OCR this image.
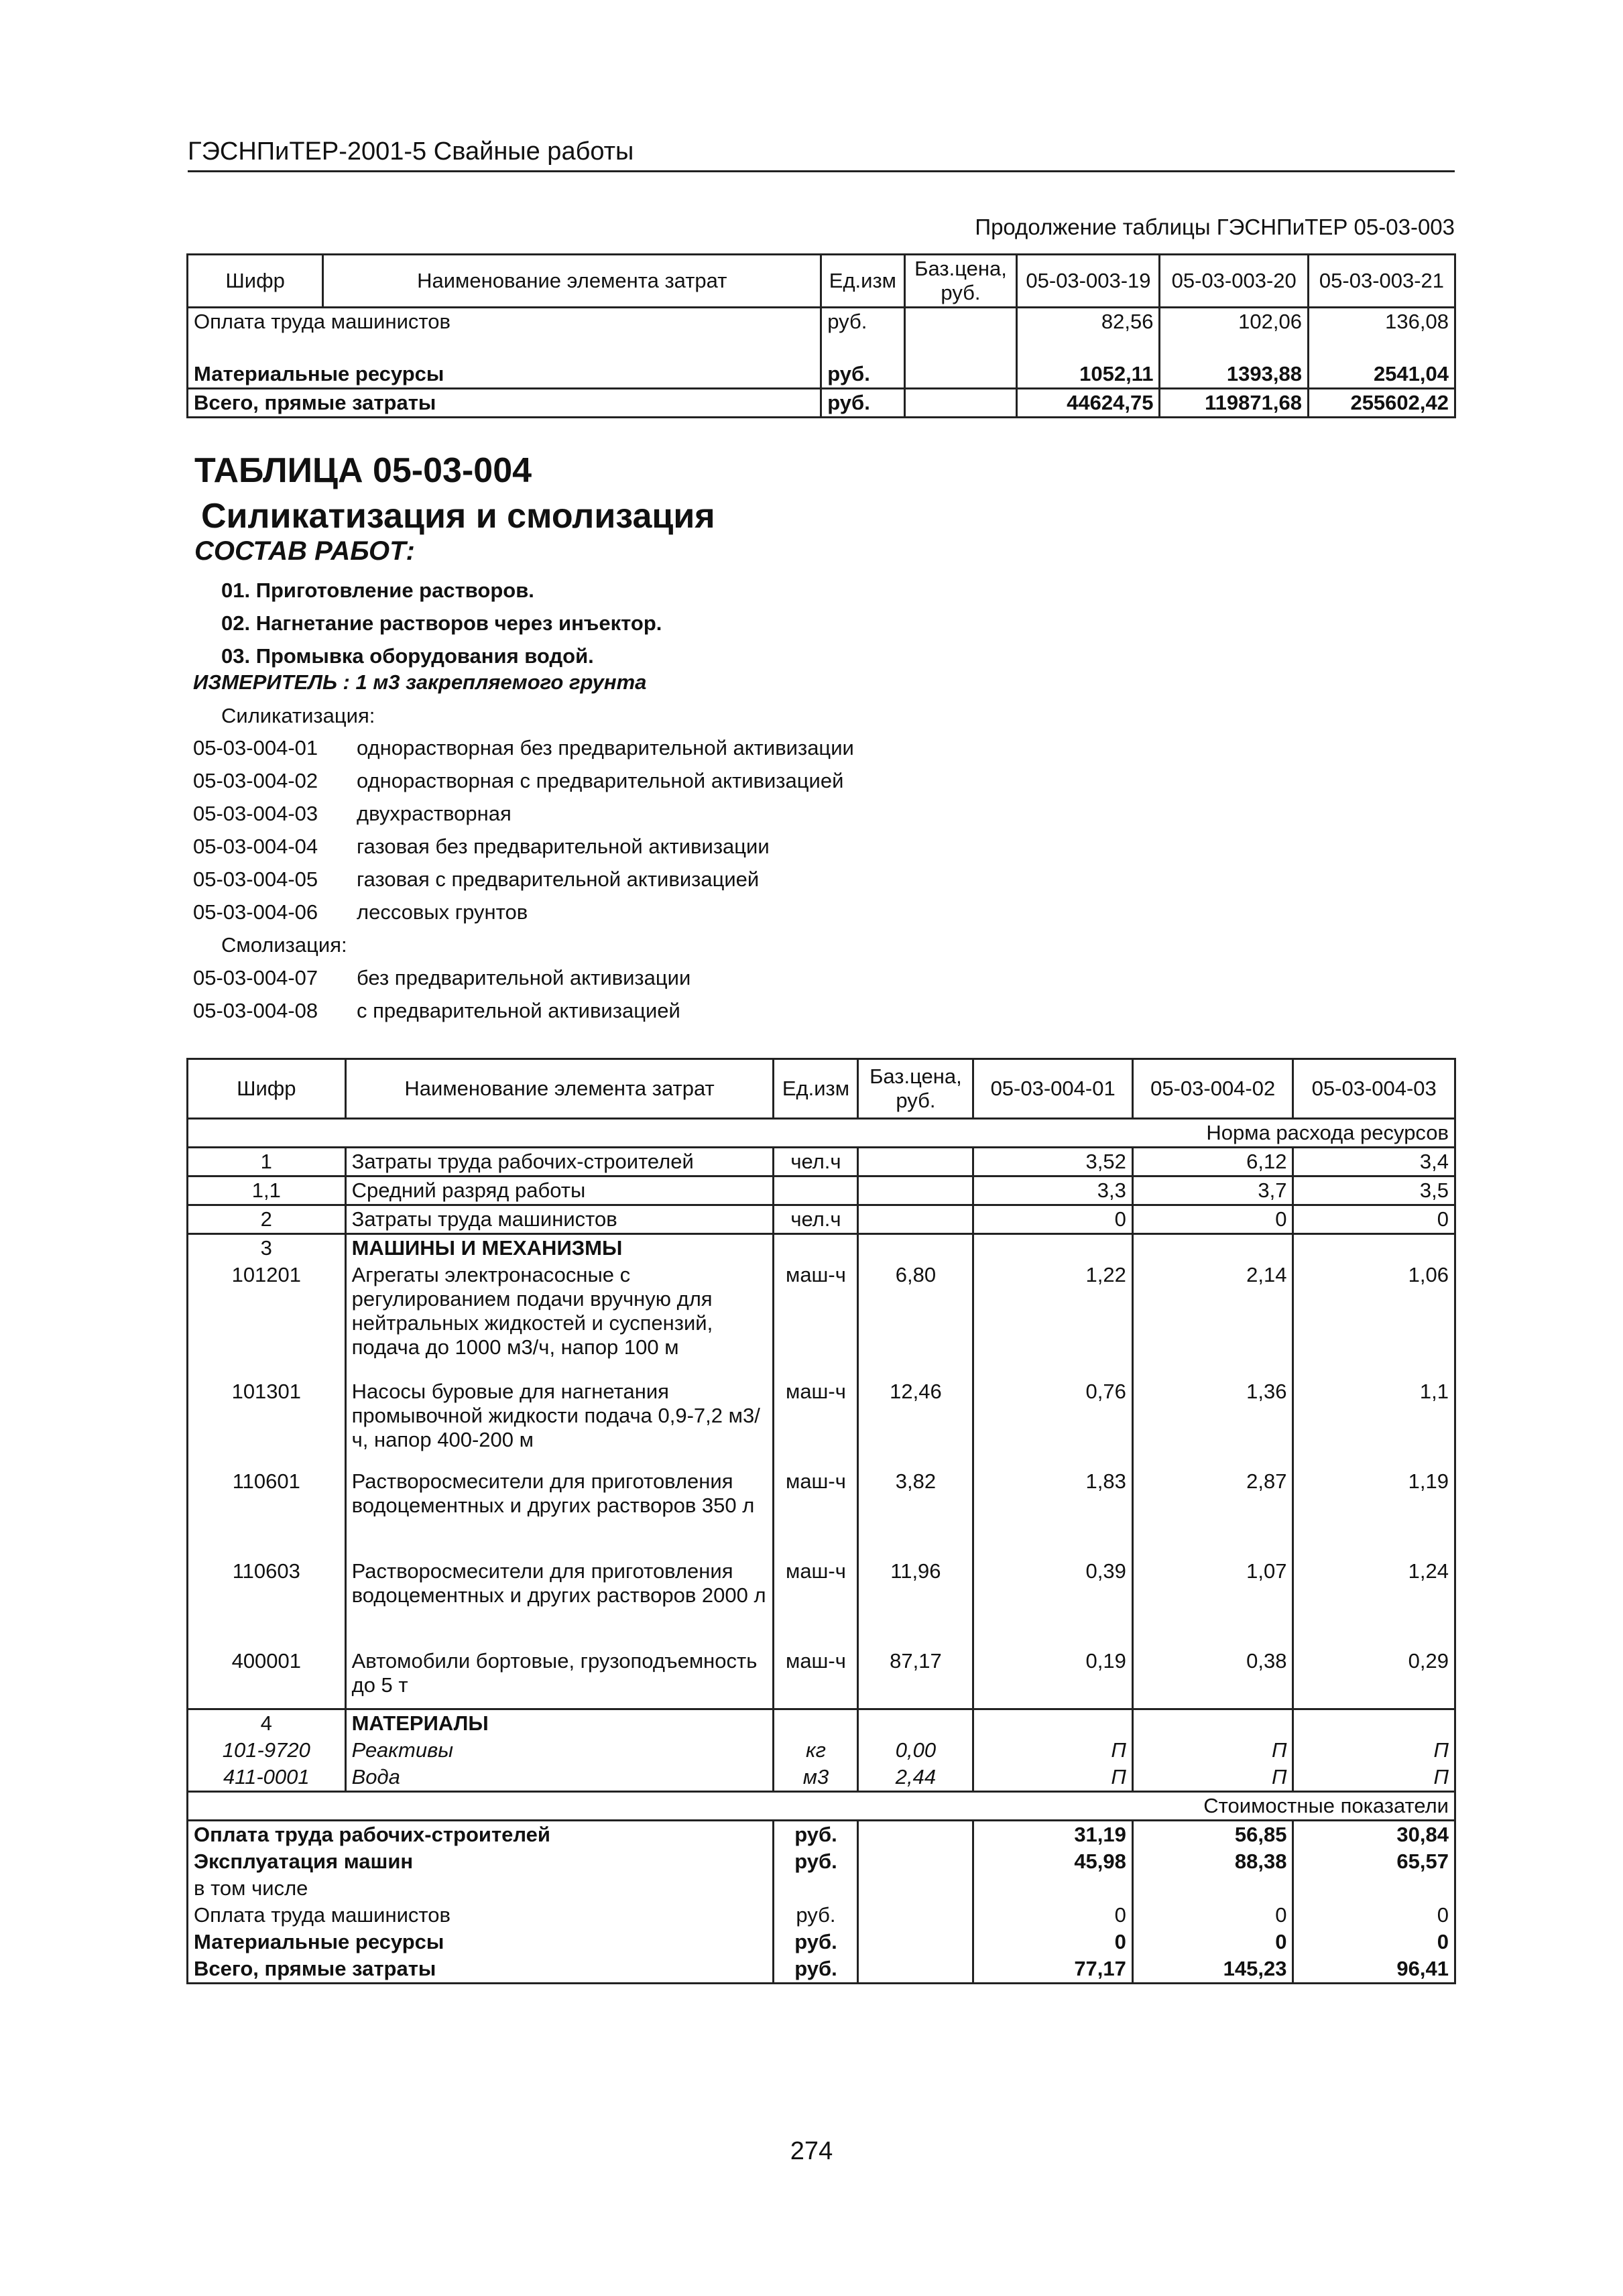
ГЭСНПиТЕР-2001-5 Свайные работы
Продолжение таблицы ГЭСНПиТЕР 05-03-003
Шифр	Наименование элемента затрат	Ед.изм	Баз.цена, руб.	05-03-003-19	05-03-003-20	05-03-003-21
Оплата труда машинистов		руб.		82,56	102,06	136,08
Материальные ресурсы		руб.		1052,11	1393,88	2541,04
Всего, прямые затраты		руб.		44624,75	119871,68	255602,42
ТАБЛИЦА 05-03-004
Силикатизация и смолизация
СОСТАВ РАБОТ:
01. Приготовление растворов.
02. Нагнетание растворов через инъектор.
03. Промывка оборудования водой.
ИЗМЕРИТЕЛЬ : 1 м3 закрепляемого грунта
Силикатизация:
05-03-004-01 однорастворная без предварительной активизации
05-03-004-02 однорастворная с предварительной активизацией
05-03-004-03 двухрастворная
05-03-004-04 газовая без предварительной активизации
05-03-004-05 газовая с предварительной активизацией
05-03-004-06 лессовых грунтов
Смолизация:
05-03-004-07 без предварительной активизации
05-03-004-08 с предварительной активизацией
Шифр	Наименование элемента затрат	Ед.изм	Баз.цена, руб.	05-03-004-01	05-03-004-02	05-03-004-03
Норма расхода ресурсов						
1	Затраты труда рабочих-строителей	чел.ч		3,52	6,12	3,4
1,1	Средний разряд работы			3,3	3,7	3,5
2	Затраты труда машинистов	чел.ч		0	0	0
3	МАШИНЫ И МЕХАНИЗМЫ					
101201	Агрегаты электронасосные с регулированием подачи вручную для нейтральных жидкостей и суспензий, подача до 1000 м3/ч, напор 100 м	маш-ч	6,80	1,22	2,14	1,06
101301	Насосы буровые для нагнетания промывочной жидкости подача 0,9-7,2 м3/ч, напор 400-200 м	маш-ч	12,46	0,76	1,36	1,1
110601	Растворосмесители для приготовления водоцементных и других растворов 350 л	маш-ч	3,82	1,83	2,87	1,19
110603	Растворосмесители для приготовления водоцементных и других растворов 2000 л	маш-ч	11,96	0,39	1,07	1,24
400001	Автомобили бортовые, грузоподъемность до 5 т	маш-ч	87,17	0,19	0,38	0,29
4	МАТЕРИАЛЫ					
101-9720	Реактивы	кг	0,00	П	П	П
411-0001	Вода	м3	2,44	П	П	П
Стоимостные показатели						
Оплата труда рабочих-строителей		руб.		31,19	56,85	30,84
Эксплуатация машин		руб.		45,98	88,38	65,57
в том числе						
Оплата труда машинистов		руб.		0	0	0
Материальные ресурсы		руб.		0	0	0
Всего, прямые затраты		руб.		77,17	145,23	96,41
274
